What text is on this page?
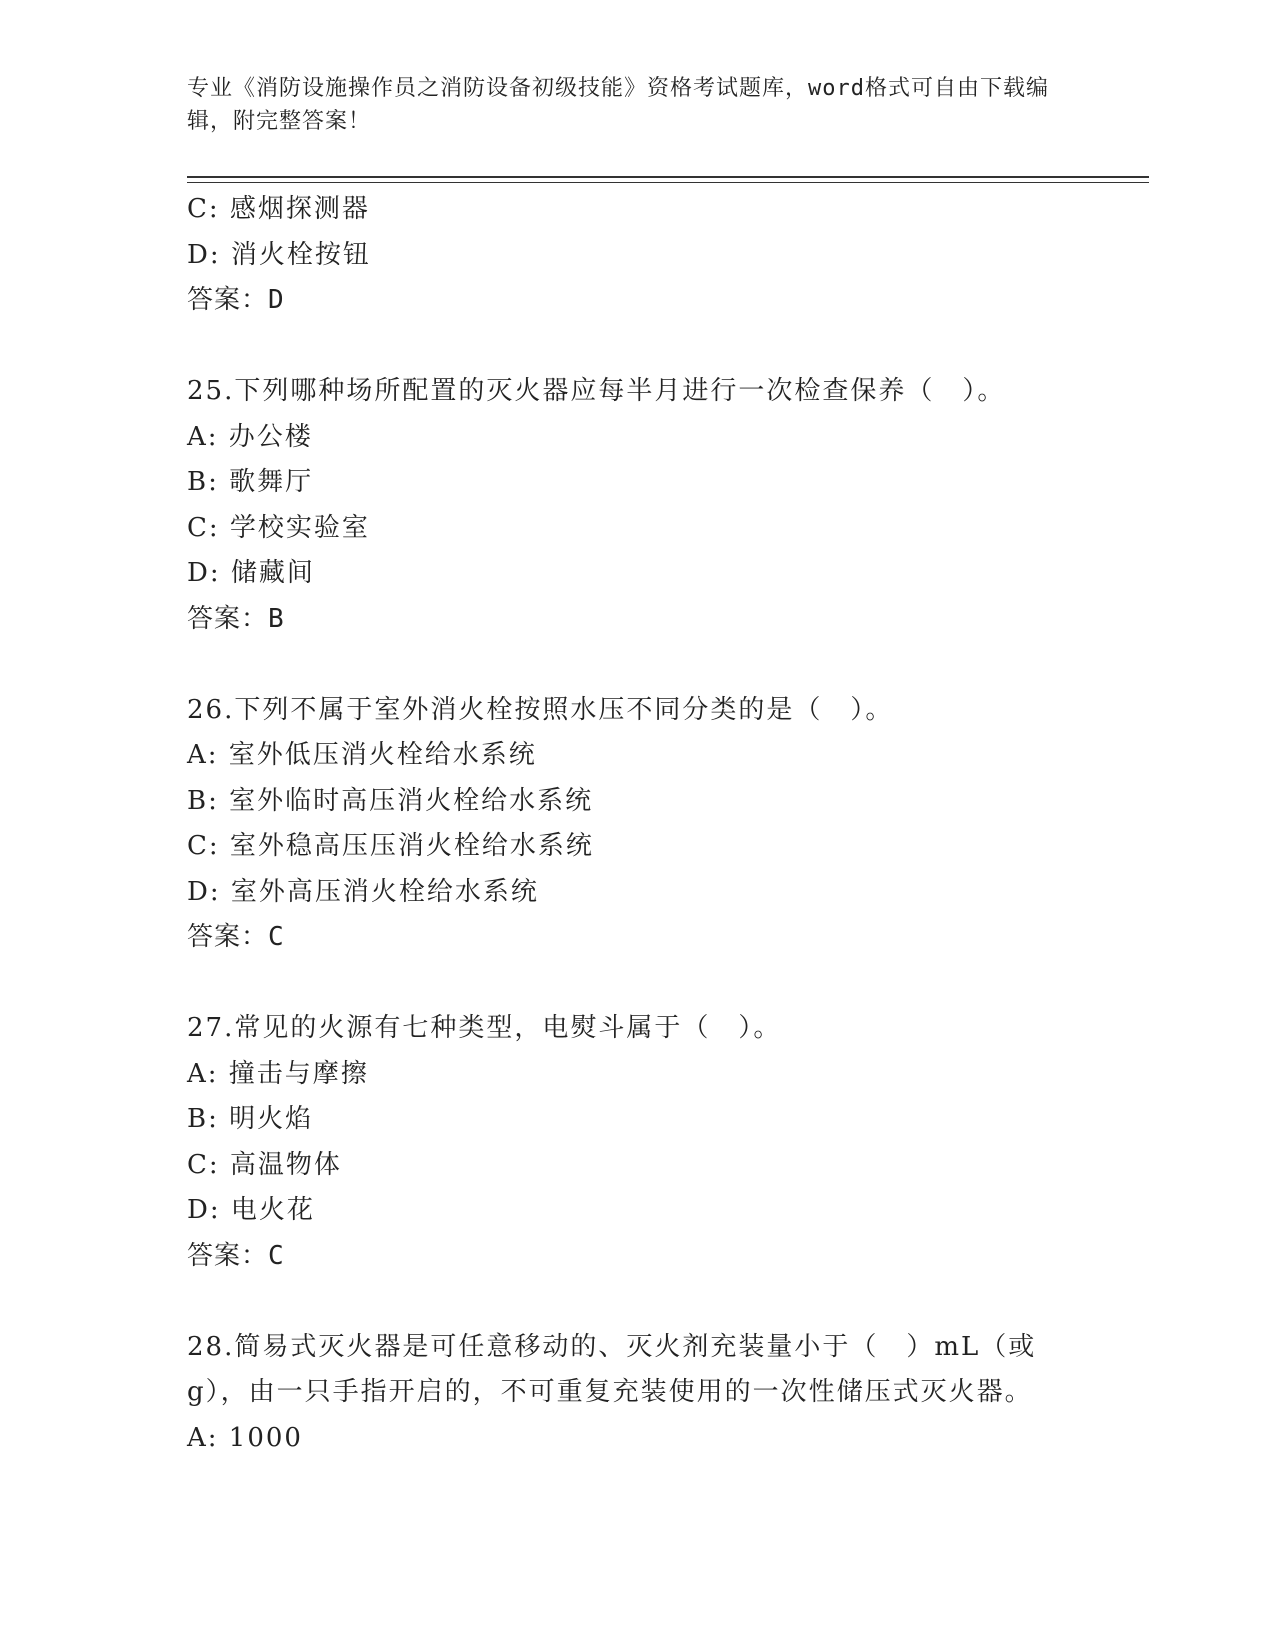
专业《消防设施操作员之消防设备初级技能》资格考试题库，word格式可自由下载编辑，附完整答案！
C: 感烟探测器
D: 消火栓按钮
答案：D
25.下列哪种场所配置的灭火器应每半月进行一次检查保养（　）。
A: 办公楼
B: 歌舞厅
C: 学校实验室
D: 储藏间
答案：B
26.下列不属于室外消火栓按照水压不同分类的是（　）。
A: 室外低压消火栓给水系统
B: 室外临时高压消火栓给水系统
C: 室外稳高压压消火栓给水系统
D: 室外高压消火栓给水系统
答案：C
27.常见的火源有七种类型，电熨斗属于（　）。
A: 撞击与摩擦
B: 明火焰
C: 高温物体
D: 电火花
答案：C
28.简易式灭火器是可任意移动的、灭火剂充装量小于（　）mL（或g），由一只手指开启的，不可重复充装使用的一次性储压式灭火器。
A: 1000
